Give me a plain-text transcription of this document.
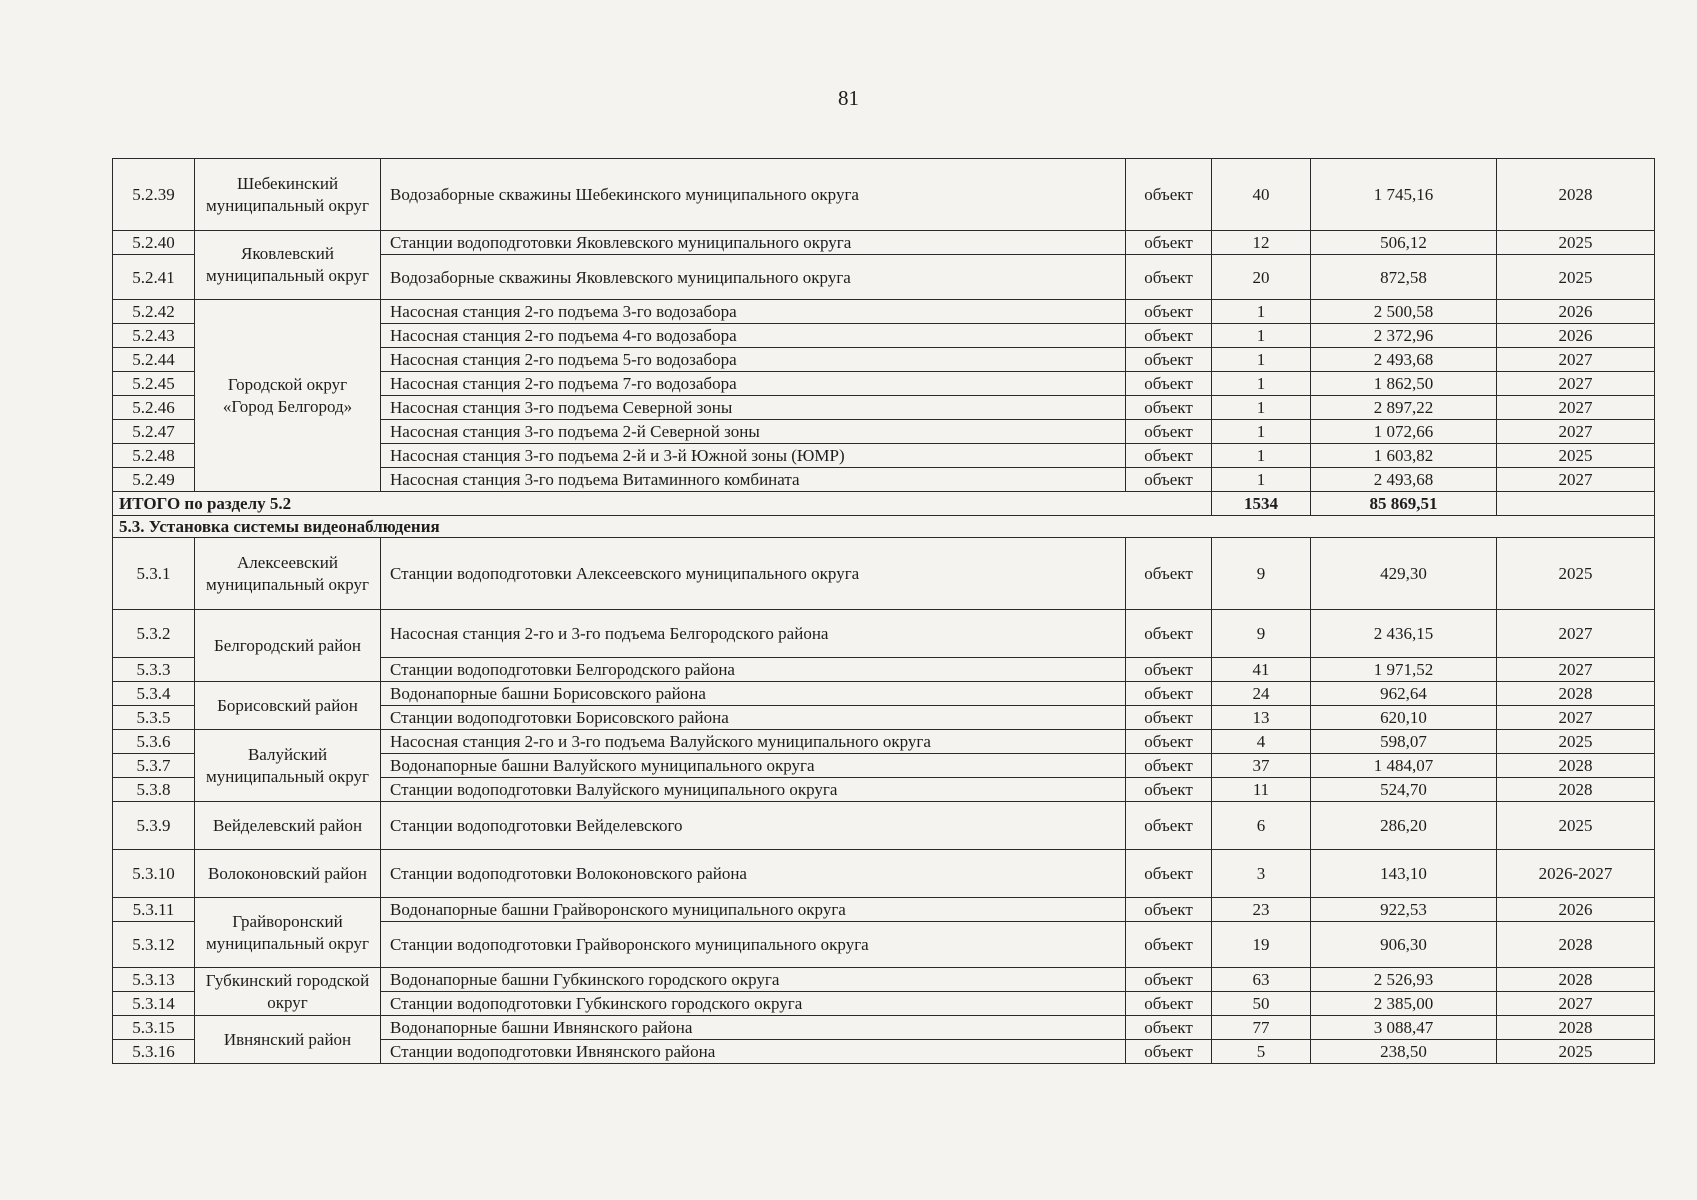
81
5.2.39	Шебекинский муниципальный округ	Водозаборные скважины Шебекинского муниципального округа	объект	40	1 745,16	2028
5.2.40	Яковлевский муниципальный округ	Станции водоподготовки Яковлевского муниципального округа	объект	12	506,12	2025
5.2.41		Водозаборные скважины Яковлевского муниципального округа	объект	20	872,58	2025
5.2.42	Городской округ «Город Белгород»	Насосная станция 2-го подъема 3-го водозабора	объект	1	2 500,58	2026
5.2.43		Насосная станция 2-го подъема 4-го водозабора	объект	1	2 372,96	2026
5.2.44		Насосная станция 2-го подъема 5-го водозабора	объект	1	2 493,68	2027
5.2.45		Насосная станция 2-го подъема 7-го водозабора	объект	1	1 862,50	2027
5.2.46		Насосная станция 3-го подъема Северной зоны	объект	1	2 897,22	2027
5.2.47		Насосная станция 3-го подъема 2-й Северной зоны	объект	1	1 072,66	2027
5.2.48		Насосная станция 3-го подъема 2-й и 3-й Южной зоны (ЮМР)	объект	1	1 603,82	2025
5.2.49		Насосная станция 3-го подъема Витаминного комбината	объект	1	2 493,68	2027
ИТОГО по разделу 5.2				1534	85 869,51	
5.3. Установка системы видеонаблюдения						
5.3.1	Алексеевский муниципальный округ	Станции водоподготовки Алексеевского муниципального округа	объект	9	429,30	2025
5.3.2	Белгородский район	Насосная станция 2-го и 3-го подъема Белгородского района	объект	9	2 436,15	2027
5.3.3		Станции водоподготовки Белгородского района	объект	41	1 971,52	2027
5.3.4	Борисовский район	Водонапорные башни Борисовского района	объект	24	962,64	2028
5.3.5		Станции водоподготовки Борисовского района	объект	13	620,10	2027
5.3.6	Валуйский муниципальный округ	Насосная станция 2-го и 3-го подъема Валуйского муниципального округа	объект	4	598,07	2025
5.3.7		Водонапорные башни Валуйского муниципального округа	объект	37	1 484,07	2028
5.3.8		Станции водоподготовки Валуйского муниципального округа	объект	11	524,70	2028
5.3.9	Вейделевский район	Станции водоподготовки Вейделевского	объект	6	286,20	2025
5.3.10	Волоконовский район	Станции водоподготовки Волоконовского района	объект	3	143,10	2026-2027
5.3.11	Грайворонский муниципальный округ	Водонапорные башни Грайворонского муниципального округа	объект	23	922,53	2026
5.3.12		Станции водоподготовки Грайворонского муниципального округа	объект	19	906,30	2028
5.3.13	Губкинский городской округ	Водонапорные башни Губкинского городского округа	объект	63	2 526,93	2028
5.3.14		Станции водоподготовки Губкинского городского округа	объект	50	2 385,00	2027
5.3.15	Ивнянский район	Водонапорные башни Ивнянского района	объект	77	3 088,47	2028
5.3.16		Станции водоподготовки Ивнянского района	объект	5	238,50	2025
